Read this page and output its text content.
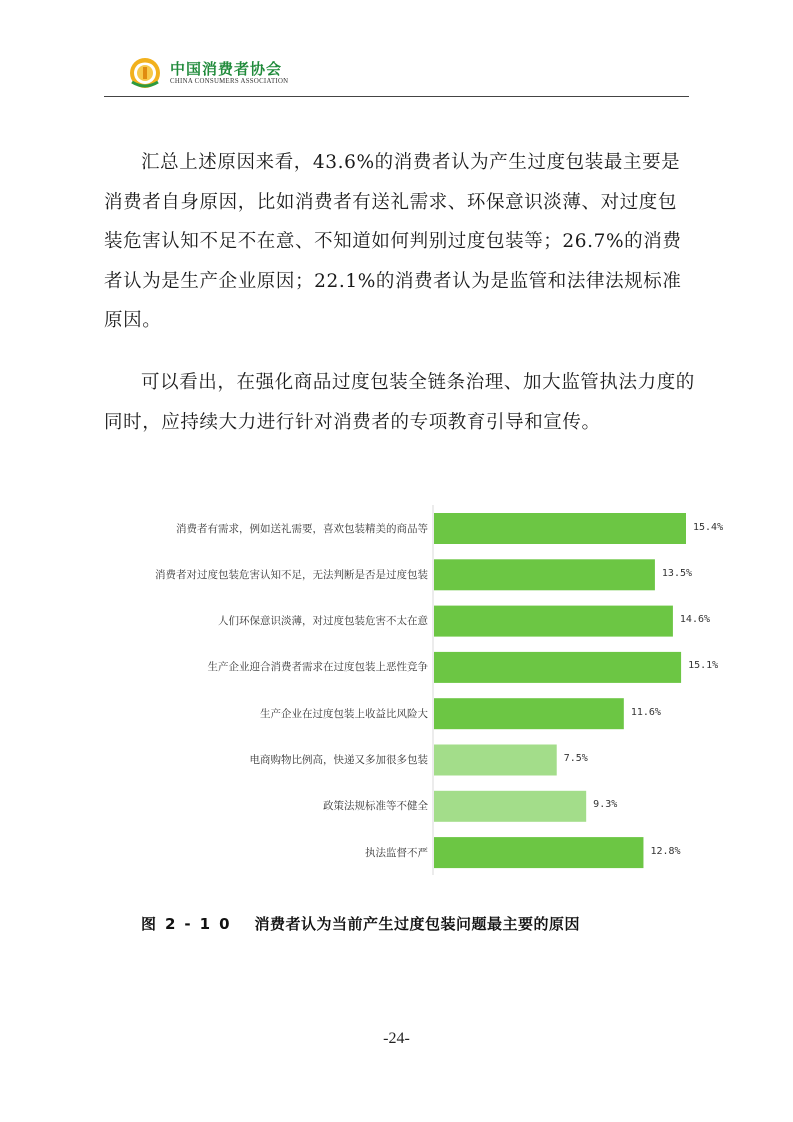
中国消费者协会
CHINA CONSUMERS ASSOCIATION

汇总上述原因来看，43.6%的消费者认为产生过度包装最主要是消费者自身原因，比如消费者有送礼需求、环保意识淡薄、对过度包装危害认知不足不在意、不知道如何判别过度包装等；26.7%的消费者认为是生产企业原因；22.1%的消费者认为是监管和法律法规标准原因。

可以看出，在强化商品过度包装全链条治理、加大监管执法力度的同时，应持续大力进行针对消费者的专项教育引导和宣传。

消费者有需求，例如送礼需要，喜欢包装精美的商品等	15.4%
消费者对过度包装危害认知不足，无法判断是否是过度包装	13.5%
人们环保意识淡薄，对过度包装危害不太在意	14.6%
生产企业迎合消费者需求在过度包装上恶性竞争	15.1%
生产企业在过度包装上收益比风险大	11.6%
电商购物比例高，快递又多加很多包装	7.5%
政策法规标准等不健全	9.3%
执法监督不严	12.8%
图2-10 消费者认为当前产生过度包装问题最主要的原因
-24-
